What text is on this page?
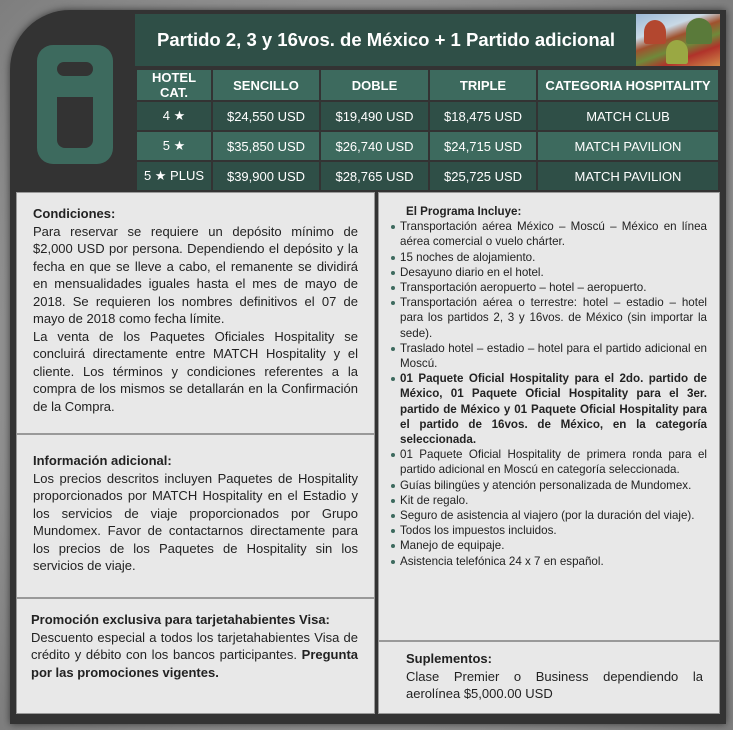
Partido 2, 3 y 16vos. de México + 1 Partido adicional
HOTEL CAT.	SENCILLO	DOBLE	TRIPLE	CATEGORIA HOSPITALITY
4 ★	$24,550 USD	$19,490 USD	$18,475 USD	MATCH CLUB
5 ★	$35,850 USD	$26,740 USD	$24,715 USD	MATCH PAVILION
5 ★ PLUS	$39,900 USD	$28,765 USD	$25,725 USD	MATCH PAVILION
Condiciones:

Para reservar se requiere un depósito mínimo de $2,000 USD por persona. Dependiendo el depósito y la fecha en que se lleve a cabo, el remanente se dividirá en mensualidades iguales hasta el mes de mayo de 2018. Se requieren los nombres definitivos el 07 de mayo de 2018 como fecha límite.

La venta de los Paquetes Oficiales Hospitality se concluirá directamente entre MATCH Hospitality y el cliente. Los términos y condiciones referentes a la compra de los mismos se detallarán en la Confirmación de la Compra.

Información adicional:

Los precios descritos incluyen Paquetes de Hospitality proporcionados por MATCH Hospitality en el Estadio y los servicios de viaje proporcionados por Grupo Mundomex. Favor de contactarnos directamente para los precios de los Paquetes de Hospitality sin los servicios de viaje.

Promoción exclusiva para tarjetahabientes Visa:

Descuento especial a todos los tarjetahabientes Visa de crédito y débito con los bancos participantes. Pregunta por las promociones vigentes.

El Programa Incluye:
Transportación aérea México – Moscú – México en línea aérea comercial o vuelo chárter.
15 noches de alojamiento.
Desayuno diario en el hotel.
Transportación aeropuerto – hotel – aeropuerto.
Transportación aérea o terrestre: hotel – estadio – hotel para los partidos 2, 3 y 16vos. de México (sin importar la sede).
Traslado hotel – estadio – hotel para el partido adicional en Moscú.
01 Paquete Oficial Hospitality para el 2do. partido de México, 01 Paquete Oficial Hospitality para el 3er. partido de México y 01 Paquete Oficial Hospitality para el partido de 16vos. de México, en la categoría seleccionada.
01 Paquete Oficial Hospitality de primera ronda para el partido adicional en Moscú en categoría seleccionada.
Guías bilingües y atención personalizada de Mundomex.
Kit de regalo.
Seguro de asistencia al viajero (por la duración del viaje).
Todos los impuestos incluidos.
Manejo de equipaje.
Asistencia telefónica 24 x 7 en español.
Suplementos:

Clase Premier o Business dependiendo la aerolínea $5,000.00 USD
